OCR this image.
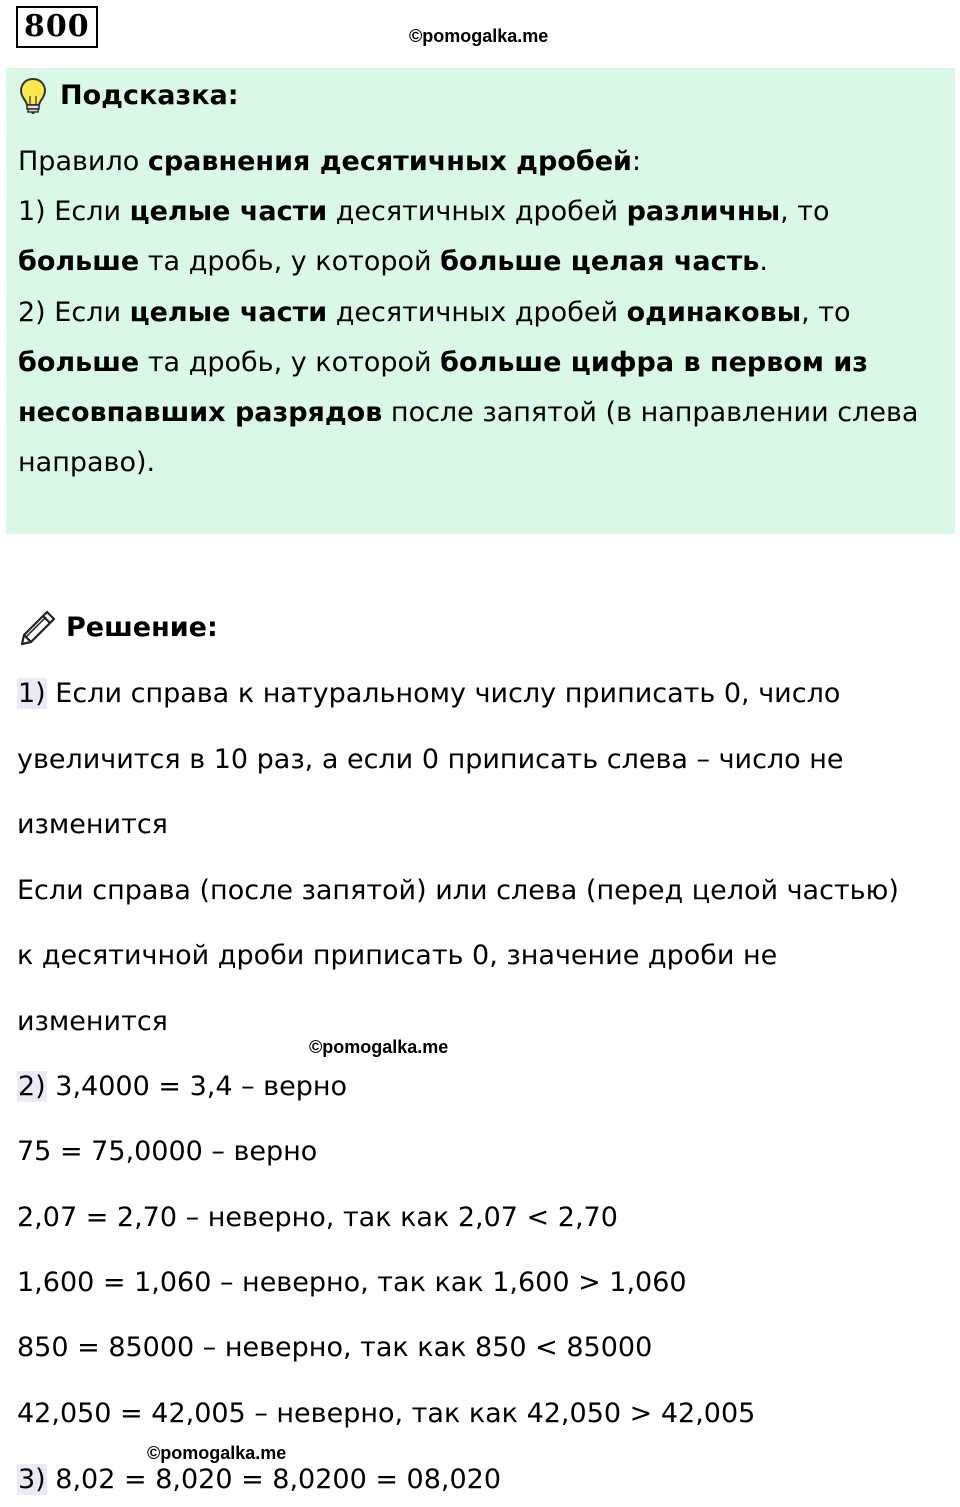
800	©pomogalka.me
Подсказка:
Правило сравнения десятичных дробей:
1) Если целые части десятичных дробей различны, то
больше та дробь, у которой больше целая часть.
2) Если целые части десятичных дробей одинаковы, то
больше та дробь, у которой больше цифра в первом из
несовпавших разрядов после запятой (в направлении слева
направо).
Решение:
1) Если справа к натуральному числу приписать 0, число
увеличится в 10 раз, а если 0 приписать слева – число не
изменится
Если справа (после запятой) или слева (перед целой частью)
к десятичной дроби приписать 0, значение дроби не
изменится
©pomogalka.me
2) 3,4000 = 3,4 – верно
75 = 75,0000 – верно
2,07 = 2,70 – неверно, так как 2,07 < 2,70
1,600 = 1,060 – неверно, так как 1,600 > 1,060
850 = 85000 – неверно, так как 850 < 85000
42,050 = 42,005 – неверно, так как 42,050 > 42,005
©pomogalka.me
3) 8,02 = 8,020 = 8,0200 = 08,020
